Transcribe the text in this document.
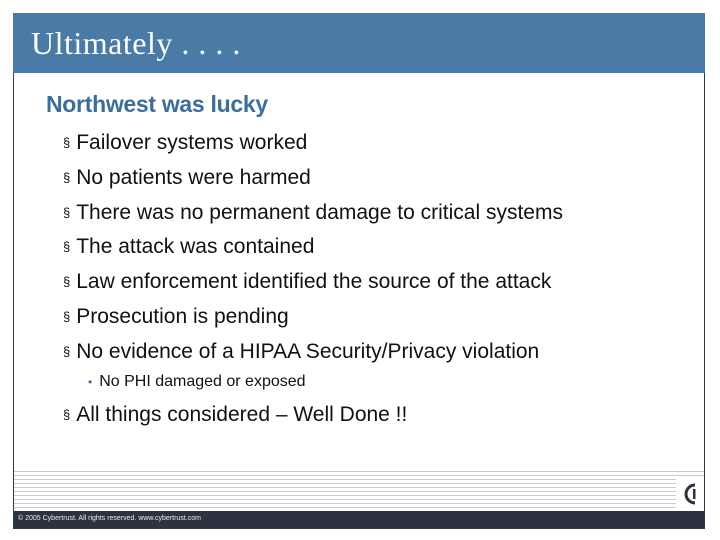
Ultimately . . . .
Northwest was lucky
§ Failover systems worked
§ No patients were harmed
§ There was no permanent damage to critical systems
§ The attack was contained
§ Law enforcement identified the source of the attack
§ Prosecution is pending
§ No evidence of a HIPAA Security/Privacy violation
• No PHI damaged or exposed
§ All things considered – Well Done !!
© 2005 Cybertrust. All rights reserved. www.cybertrust.com
